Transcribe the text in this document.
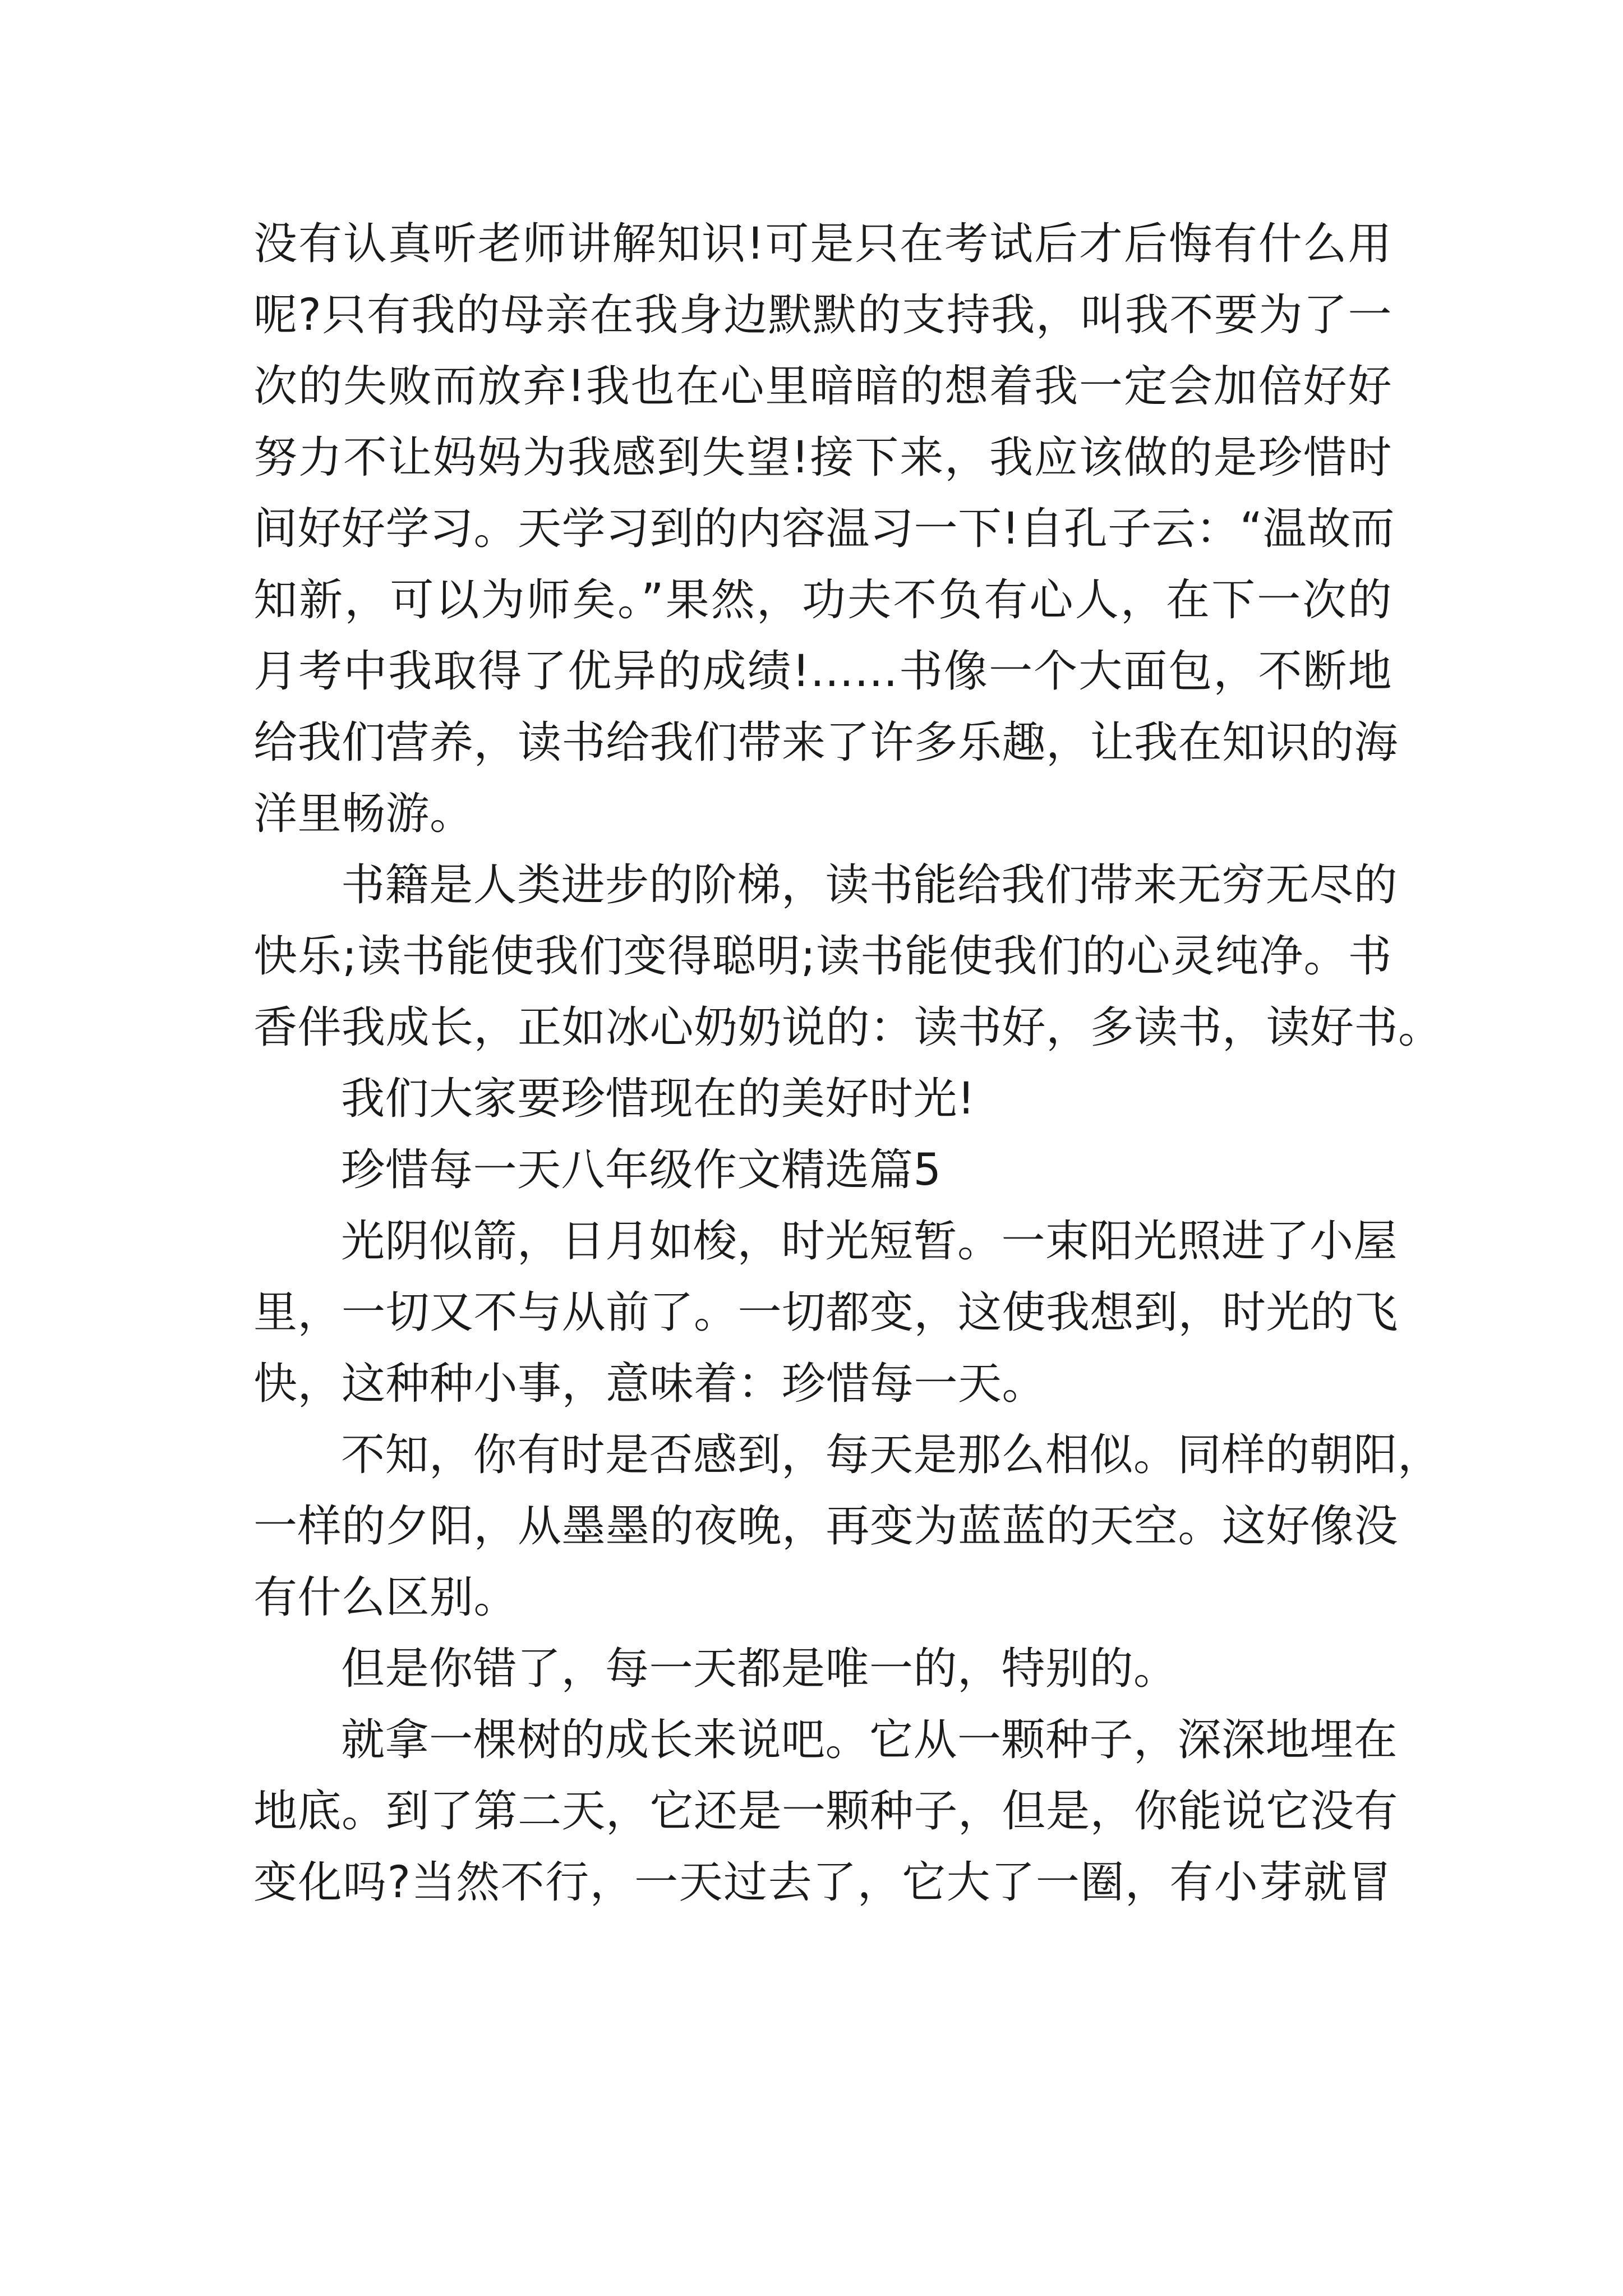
没有认真听老师讲解知识!可是只在考试后才后悔有什么用
呢?只有我的母亲在我身边默默的支持我，叫我不要为了一
次的失败而放弃!我也在心里暗暗的想着我一定会加倍好好
努力不让妈妈为我感到失望!接下来，我应该做的是珍惜时
间好好学习。天学习到的内容温习一下!自孔子云：“温故而
知新，可以为师矣。”果然，功夫不负有心人，在下一次的
月考中我取得了优异的成绩!……书像一个大面包，不断地
给我们营养，读书给我们带来了许多乐趣，让我在知识的海
洋里畅游。
书籍是人类进步的阶梯，读书能给我们带来无穷无尽的
快乐;读书能使我们变得聪明;读书能使我们的心灵纯净。书
香伴我成长，正如冰心奶奶说的：读书好，多读书，读好书。
我们大家要珍惜现在的美好时光!
珍惜每一天八年级作文精选篇5
光阴似箭，日月如梭，时光短暂。一束阳光照进了小屋
里，一切又不与从前了。一切都变，这使我想到，时光的飞
快，这种种小事，意味着：珍惜每一天。
不知，你有时是否感到，每天是那么相似。同样的朝阳，
一样的夕阳，从墨墨的夜晚，再变为蓝蓝的天空。这好像没
有什么区别。
但是你错了，每一天都是唯一的，特别的。
就拿一棵树的成长来说吧。它从一颗种子，深深地埋在
地底。到了第二天，它还是一颗种子，但是，你能说它没有
变化吗?当然不行，一天过去了，它大了一圈，有小芽就冒
